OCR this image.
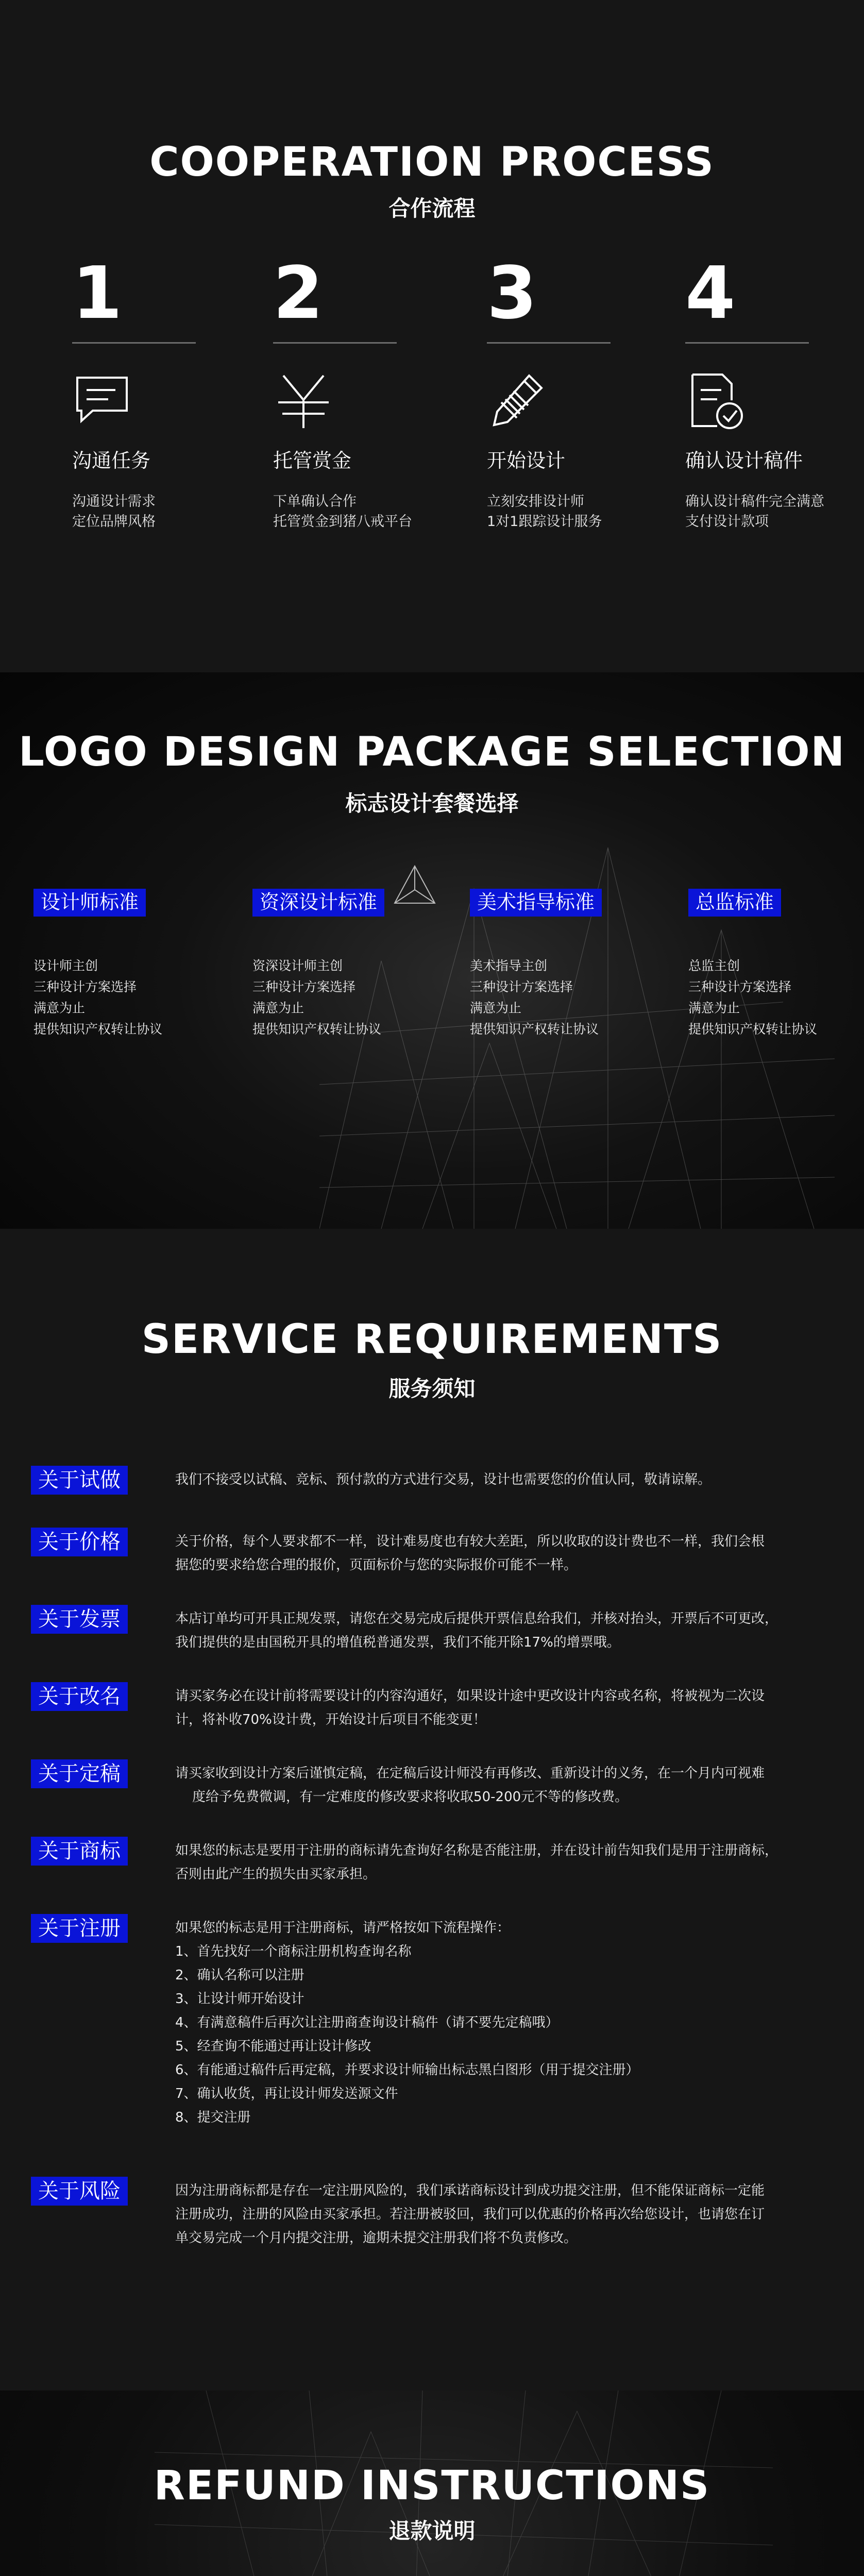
COOPERATION PROCESS
合作流程
1
沟通任务
沟通设计需求
定位品牌风格
2
托管赏金
下单确认合作
托管赏金到猪八戒平台
3
开始设计
立刻安排设计师
1对1跟踪设计服务
4
确认设计稿件
确认设计稿件完全满意
支付设计款项
LOGO DESIGN PACKAGE SELECTION
标志设计套餐选择
设计师标准
设计师主创
三种设计方案选择
满意为止
提供知识产权转让协议
资深设计标准
资深设计师主创
三种设计方案选择
满意为止
提供知识产权转让协议
美术指导标准
美术指导主创
三种设计方案选择
满意为止
提供知识产权转让协议
总监标准
总监主创
三种设计方案选择
满意为止
提供知识产权转让协议
SERVICE REQUIREMENTS
服务须知
关于试做	我们不接受以试稿、竞标、预付款的方式进行交易，设计也需要您的价值认同，敬请谅解。
关于价格	关于价格，每个人要求都不一样，设计难易度也有较大差距，所以收取的设计费也不一样，我们会根
据您的要求给您合理的报价，页面标价与您的实际报价可能不一样。
关于发票	本店订单均可开具正规发票，请您在交易完成后提供开票信息给我们，并核对抬头，开票后不可更改，
我们提供的是由国税开具的增值税普通发票，我们不能开除17%的增票哦。
关于改名	请买家务必在设计前将需要设计的内容沟通好，如果设计途中更改设计内容或名称，将被视为二次设
计，将补收70%设计费，开始设计后项目不能变更！
关于定稿	请买家收到设计方案后谨慎定稿，在定稿后设计师没有再修改、重新设计的义务，在一个月内可视难
度给予免费微调，有一定难度的修改要求将收取50-200元不等的修改费。
关于商标	如果您的标志是要用于注册的商标请先查询好名称是否能注册，并在设计前告知我们是用于注册商标，
否则由此产生的损失由买家承担。
关于注册	如果您的标志是用于注册商标，请严格按如下流程操作：
1、首先找好一个商标注册机构查询名称
2、确认名称可以注册
3、让设计师开始设计
4、有满意稿件后再次让注册商查询设计稿件（请不要先定稿哦）
5、经查询不能通过再让设计修改
6、有能通过稿件后再定稿，并要求设计师输出标志黑白图形（用于提交注册）
7、确认收货，再让设计师发送源文件
8、提交注册
关于风险	因为注册商标都是存在一定注册风险的，我们承诺商标设计到成功提交注册，但不能保证商标一定能
注册成功，注册的风险由买家承担。若注册被驳回，我们可以优惠的价格再次给您设计，也请您在订
单交易完成一个月内提交注册，逾期未提交注册我们将不负责修改。
REFUND INSTRUCTIONS
退款说明
